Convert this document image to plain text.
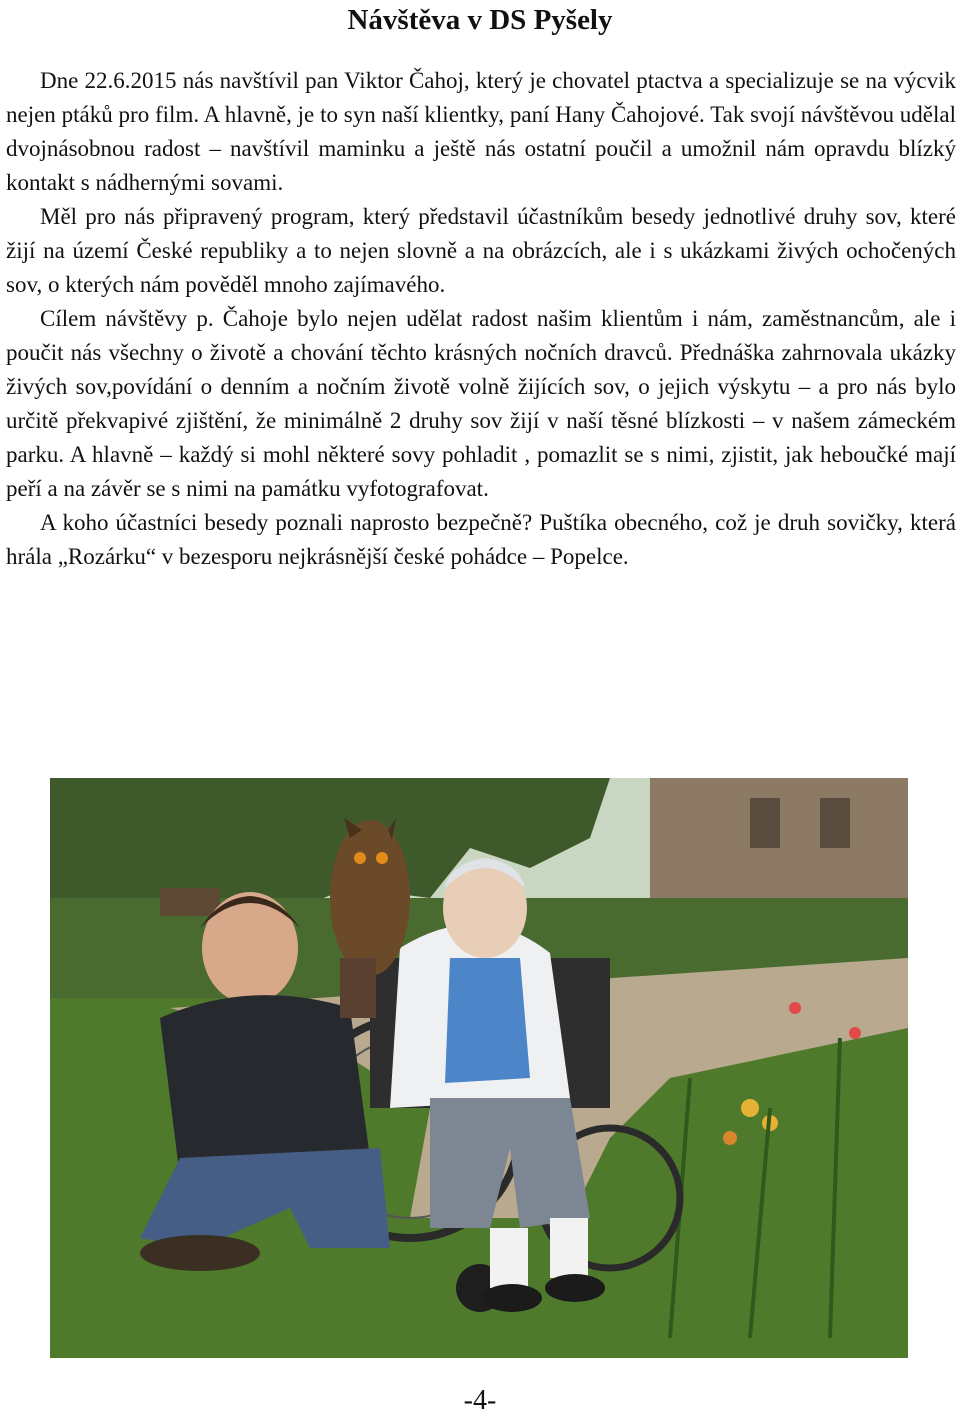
Návštěva v DS Pyšely

Dne 22.6.2015 nás navštívil pan Viktor Čahoj, který je chovatel ptactva a specializuje se na výcvik nejen ptáků pro film. A hlavně, je to syn naší klientky, paní Hany Čahojové. Tak svojí návštěvou udělal dvojnásobnou radost – navštívil maminku a ještě nás ostatní poučil a umožnil nám opravdu blízký kontakt s nádhernými sovami.

Měl pro nás připravený program, který představil účastníkům besedy jednotlivé druhy sov, které žijí na území České republiky a to nejen slovně a na obrázcích, ale i s ukázkami živých ochočených sov, o kterých nám pověděl mnoho zajímavého.

Cílem návštěvy p. Čahoje bylo nejen udělat radost našim klientům i nám, zaměstnancům, ale i poučit nás všechny o životě a chování těchto krásných nočních dravců. Přednáška zahrnovala ukázky živých sov,povídání o denním a nočním životě volně žijících sov, o jejich výskytu – a pro nás bylo určitě překvapivé zjištění, že minimálně 2 druhy sov žijí v naší těsné blízkosti – v našem zámeckém parku. A hlavně – každý si mohl některé sovy pohladit , pomazlit se s nimi, zjistit, jak hebоučké mají peří a na závěr se s nimi na památku vyfotografovat.

A koho účastníci besedy poznali naprosto bezpečně? Puštíka obecného, což je druh sovičky, která hrála „Rozárku“ v bezesporu nejkrásnější české pohádce – Popelce.

-4-
